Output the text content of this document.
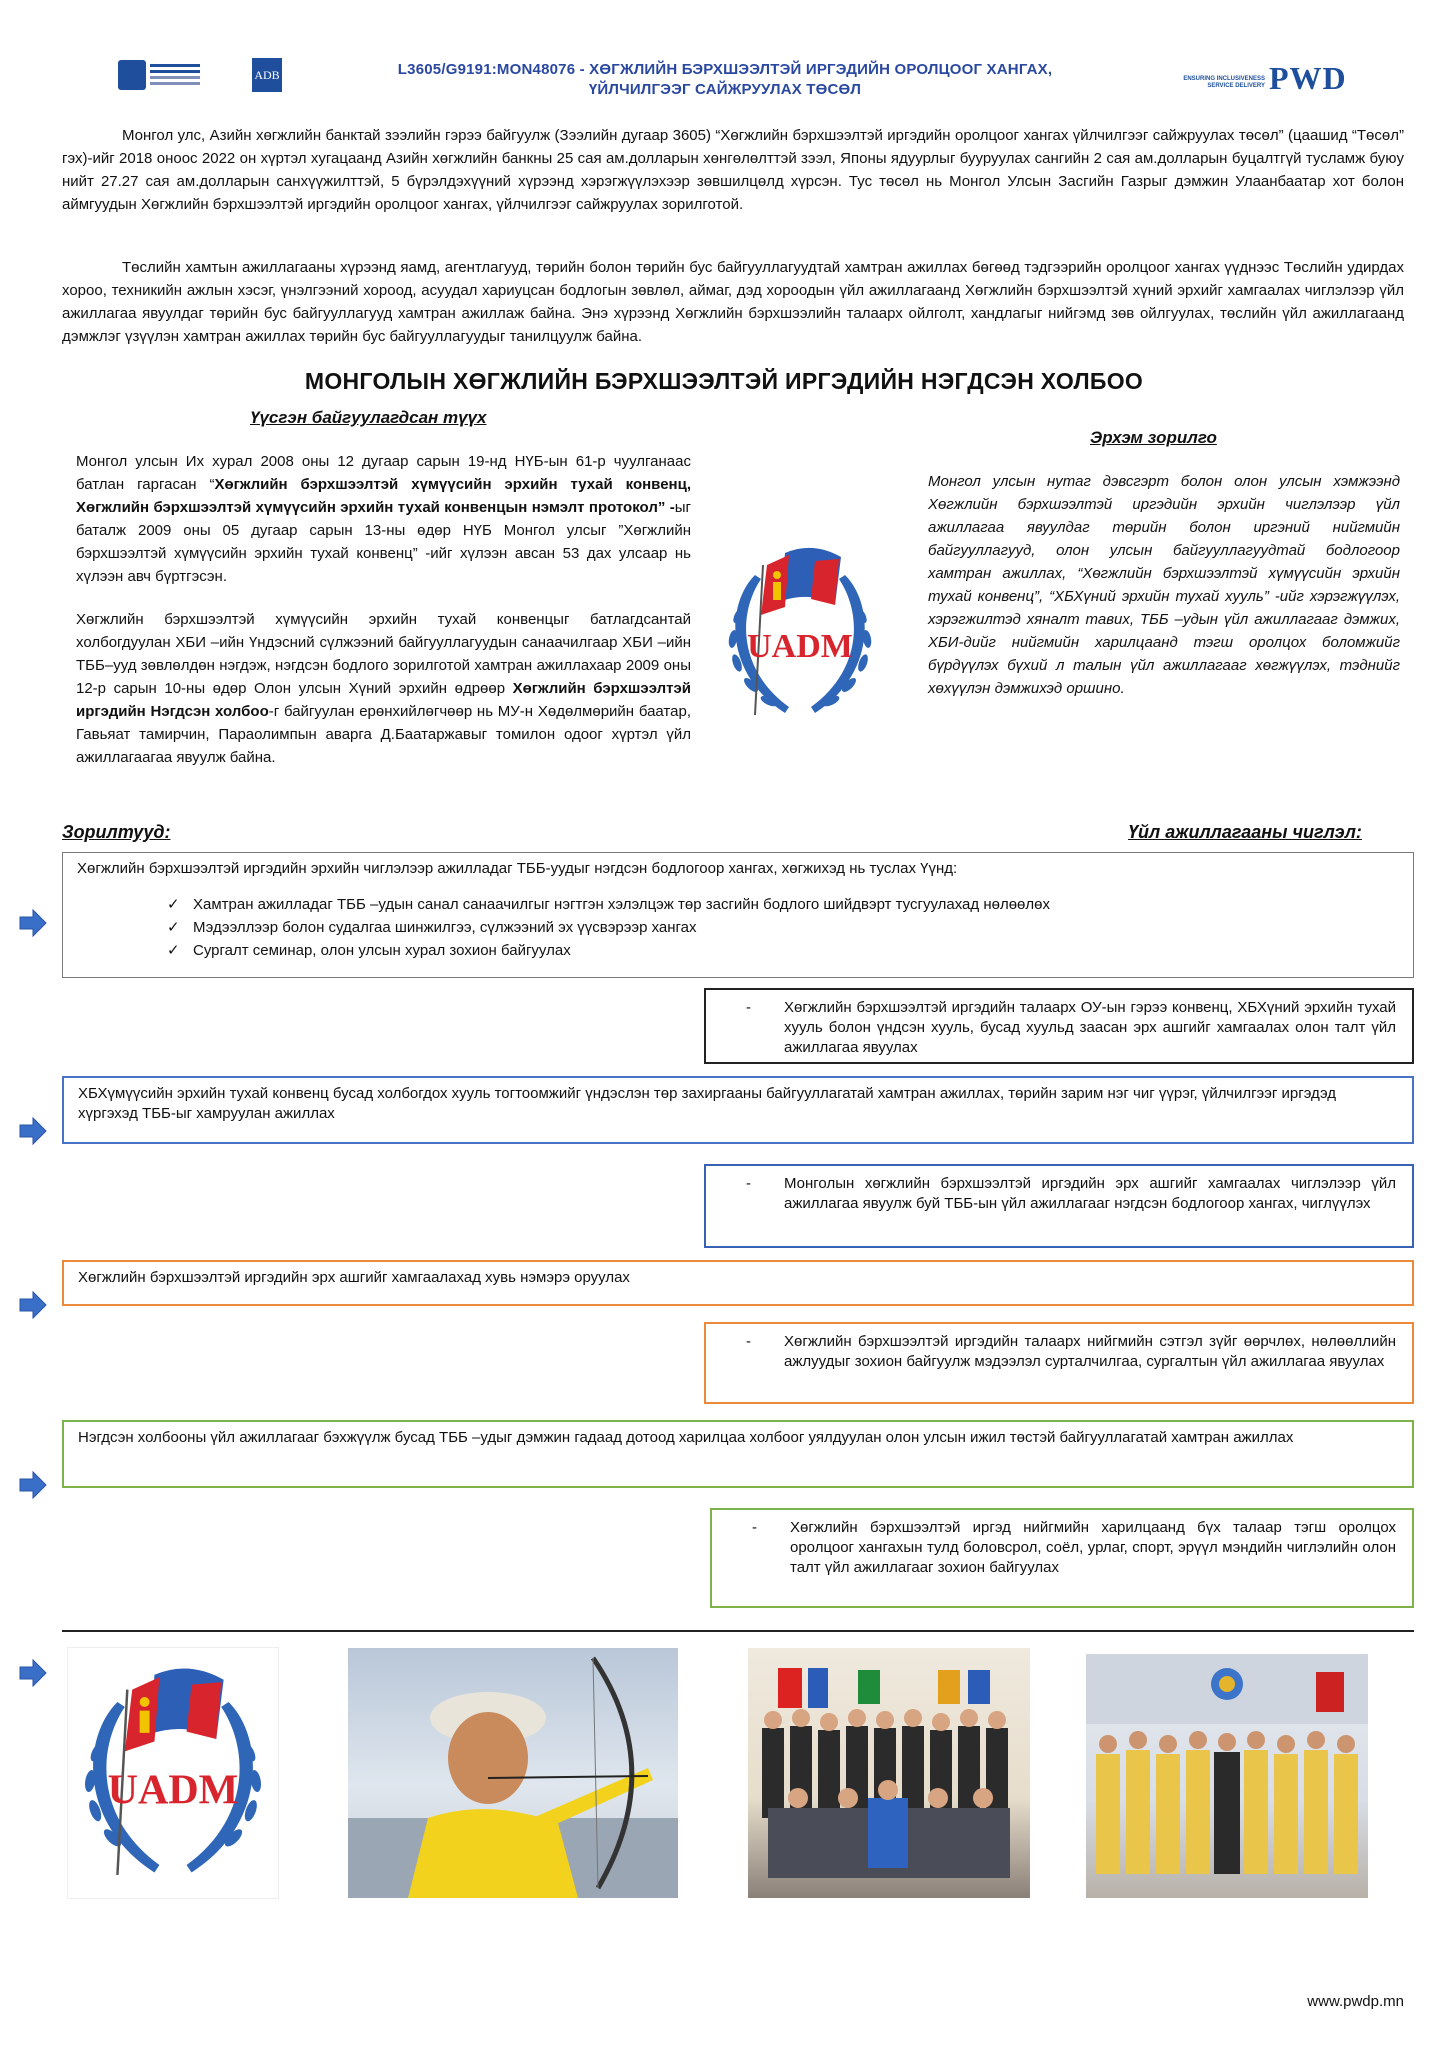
ADB	L3605/G9191:MON48076 - ХӨГЖЛИЙН БЭРХШЭЭЛТЭЙ ИРГЭДИЙН ОРОЛЦООГ ХАНГАХ,
ҮЙЛЧИЛГЭЭГ САЙЖРУУЛАХ ТӨСӨЛ
ENSURING INCLUSIVENESS SERVICE DELIVERY PWD
Монгол улс, Азийн хөгжлийн банктай зээлийн гэрээ байгуулж (Зээлийн дугаар 3605) “Хөгжлийн бэрхшээлтэй иргэдийн оролцоог хангах үйлчилгээг сайжруулах төсөл” (цаашид “Төсөл” гэх)-ийг 2018 оноос 2022 он хүртэл хугацаанд Азийн хөгжлийн банкны 25 сая ам.долларын хөнгөлөлттэй зээл, Японы ядуурлыг бууруулах сангийн 2 сая ам.долларын буцалтгүй тусламж буюу нийт 27.27 сая ам.долларын санхүүжилттэй, 5 бүрэлдэхүүний хүрээнд хэрэгжүүлэхээр зөвшилцөлд хүрсэн. Тус төсөл нь Монгол Улсын Засгийн Газрыг дэмжин Улаанбаатар хот болон аймгуудын Хөгжлийн бэрхшээлтэй иргэдийн оролцоог хангах, үйлчилгээг сайжруулах зорилготой.
Төслийн хамтын ажиллагааны хүрээнд яамд, агентлагууд, төрийн болон төрийн бус байгууллагуудтай хамтран ажиллах бөгөөд тэдгээрийн оролцоог хангах үүднээс Төслийн удирдах хороо, техникийн ажлын хэсэг, үнэлгээний хороод, асуудал хариуцсан бодлогын зөвлөл, аймаг, дэд хороодын үйл ажиллагаанд Хөгжлийн бэрхшээлтэй хүний эрхийг хамгаалах чиглэлээр үйл ажиллагаа явуулдаг төрийн бус байгууллагууд хамтран ажиллаж байна. Энэ хүрээнд Хөгжлийн бэрхшээлийн талаарх ойлголт, хандлагыг нийгэмд зөв ойлгуулах, төслийн үйл ажиллагаанд дэмжлэг үзүүлэн хамтран ажиллах төрийн бус байгууллагуудыг танилцуулж байна.
МОНГОЛЫН ХӨГЖЛИЙН БЭРХШЭЭЛТЭЙ ИРГЭДИЙН НЭГДСЭН ХОЛБОО
Үүсгэн байгуулагдсан түүх
Эрхэм зорилго
Монгол улсын Их хурал 2008 оны 12 дугаар сарын 19-нд НҮБ-ын 61-р чуулганаас батлан гаргасан “Хөгжлийн бэрхшээлтэй хүмүүсийн эрхийн тухай конвенц, Хөгжлийн бэрхшээлтэй хүмүүсийн эрхийн тухай конвенцын нэмэлт протокол” -ыг баталж 2009 оны 05 дугаар сарын 13-ны өдөр НҮБ Монгол улсыг ”Хөгжлийн бэрхшээлтэй хүмүүсийн эрхийн тухай конвенц” -ийг хүлээн авсан 53 дах улсаар нь хүлээн авч бүртгэсэн.
Хөгжлийн бэрхшээлтэй хүмүүсийн эрхийн тухай конвенцыг батлагдсантай холбогдуулан ХБИ –ийн Үндэсний сүлжээний байгууллагуудын санаачилгаар ХБИ –ийн ТББ–ууд зөвлөлдөн нэгдэж, нэгдсэн бодлого зорилготой хамтран ажиллахаар 2009 оны 12-р сарын 10-ны өдөр Олон улсын Хүний эрхийн өдрөөр Хөгжлийн бэрхшээлтэй иргэдийн Нэгдсэн холбоо-г байгуулан ерөнхийлөгчөөр нь МУ-н Хөдөлмөрийн баатар, Гавьяат тамирчин, Параолимпын аварга Д.Баатаржавыг томилон одоог хүртэл үйл ажиллагаагаа явуулж байна.
UADM
Монгол улсын нутаг дэвсгэрт болон олон улсын хэмжээнд Хөгжлийн бэрхшээлтэй иргэдийн эрхийн чиглэлээр үйл ажиллагаа явуулдаг төрийн болон иргэний нийгмийн байгууллагууд, олон улсын байгууллагуудтай бодлогоор хамтран ажиллах, “Хөгжлийн бэрхшээлтэй хүмүүсийн эрхийн тухай конвенц”, “ХБХүний эрхийн тухай хууль” -ийг хэрэгжүүлэх, хэрэгжилтэд хяналт тавих, ТББ –удын үйл ажиллагааг дэмжих, ХБИ-дийг нийгмийн харилцаанд тэгш оролцох боломжийг бүрдүүлэх бүхий л талын үйл ажиллагааг хөгжүүлэх, тэднийг хөхүүлэн дэмжихэд оршино.
Зорилтууд:	Үйл ажиллагааны чиглэл:
Хөгжлийн бэрхшээлтэй иргэдийн эрхийн чиглэлээр ажилладаг ТББ-уудыг нэгдсэн бодлогоор хангах, хөгжихэд нь туслах Үүнд:
✓ Хамтран ажилладаг ТББ –удын санал санаачилгыг нэгтгэн хэлэлцэж төр засгийн бодлого шийдвэрт тусгуулахад нөлөөлөх
✓ Мэдээллээр болон судалгаа шинжилгээ, сүлжээний эх үүсвэрээр хангах
✓ Сургалт семинар, олон улсын хурал зохион байгуулах
-	Хөгжлийн бэрхшээлтэй иргэдийн талаарх ОУ-ын гэрээ конвенц, ХБХүний эрхийн тухай хууль болон үндсэн хууль, бусад хуульд заасан эрх ашгийг хамгаалах олон талт үйл ажиллагаа явуулах
ХБХүмүүсийн эрхийн тухай конвенц бусад холбогдох хууль тогтоомжийг үндэслэн төр захиргааны байгууллагатай хамтран ажиллах, төрийн зарим нэг чиг үүрэг, үйлчилгээг иргэдэд хүргэхэд ТББ-ыг хамруулан ажиллах
-	Монголын хөгжлийн бэрхшээлтэй иргэдийн эрх ашгийг хамгаалах чиглэлээр үйл ажиллагаа явуулж буй ТББ-ын үйл ажиллагааг нэгдсэн бодлогоор хангах, чиглүүлэх
Хөгжлийн бэрхшээлтэй иргэдийн эрх ашгийг хамгаалахад хувь нэмэрэ оруулах
-	Хөгжлийн бэрхшээлтэй иргэдийн талаарх нийгмийн сэтгэл зүйг өөрчлөх, нөлөөллийн ажлуудыг зохион байгуулж мэдээлэл сурталчилгаа, сургалтын үйл ажиллагаа явуулах
Нэгдсэн холбооны үйл ажиллагааг бэхжүүлж бусад ТББ –удыг дэмжин гадаад дотоод харилцаа холбоог уялдуулан олон улсын ижил төстэй байгууллагатай хамтран ажиллах
-	Хөгжлийн бэрхшээлтэй иргэд нийгмийн харилцаанд бүх талаар тэгш оролцох оролцоог хангахын тулд боловсрол, соёл, урлаг, спорт, эрүүл мэндийн чиглэлийн олон талт үйл ажиллагааг зохион байгуулах
UADM
www.pwdp.mn
